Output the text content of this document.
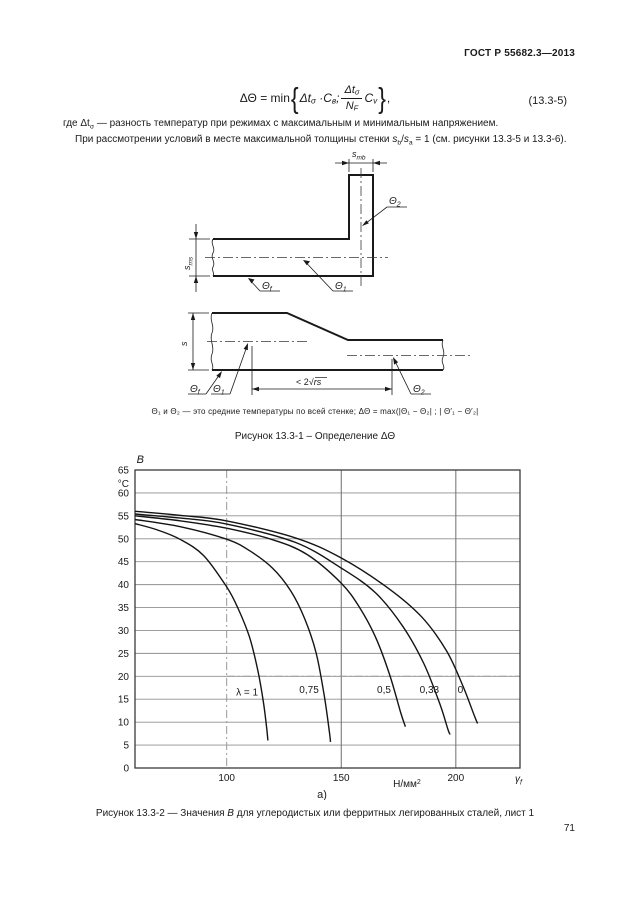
ГОСТ Р 55682.3—2013
ΔΘ = min { $\Delta t_\sigma \cdot C_в$; $\frac{\Delta t_\sigma}{N_F} C_v$ } ,	(13.3-5)
где $\Delta t_\sigma$ — разность температур при режимах с максимальным и минимальным напряжением.
При рассмотрении условий в месте максимальной толщины стенки $s_b/s_a = 1$ (см. рисунки 13.3-5 и 13.3-6).
$s_{mb}$
$s_{ms}$
$\Theta_2$
$\Theta_f$	$\Theta_1$
s
< 2√rs
$\Theta_f$ $\Theta_1$	$\Theta_2$
Θ₁ и Θ₂ — это средние температуры по всей стенке; ΔΘ = max(|Θ₁ − Θ₂| ; | Θ′₁ − Θ′₂|
Рисунок 13.3-1 – Определение ΔΘ
λ = 1	0,75	0,5	0,33 0
0
5
10
15
20
25
30
35
40
45
50
55
60
65
°C
B
100	150	200
$Н/мм^2$	$\gamma_f$
а)
Рисунок 13.3-2 — Значения B для углеродистых или ферритных легированных сталей, лист 1
71
